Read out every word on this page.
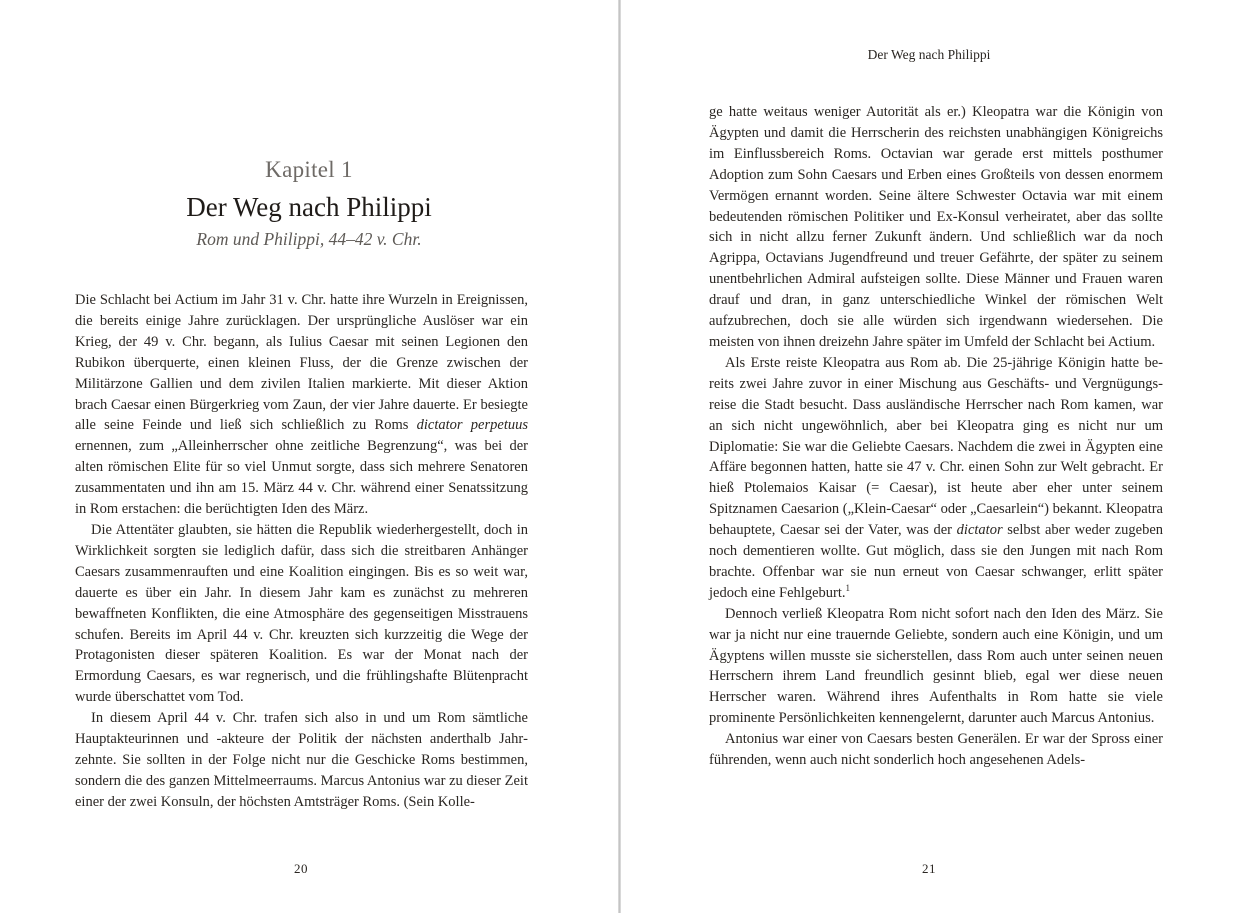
Kapitel 1
Der Weg nach Philippi
Rom und Philippi, 44–42 v. Chr.

Die Schlacht bei Actium im Jahr 31 v. Chr. hatte ihre Wurzeln in Ereignissen, die bereits einige Jahre zurücklagen. Der ursprüngliche Auslöser war ein Krieg, der 49 v. Chr. begann, als Iulius Caesar mit seinen Legionen den Rubikon überquerte, einen kleinen Fluss, der die Grenze zwischen der Militärzone Gallien und dem zivilen Italien markierte. Mit dieser Aktion brach Caesar einen Bürgerkrieg vom Zaun, der vier Jahre dauerte. Er besiegte alle seine Feinde und ließ sich schließlich zu Roms dictator perpetuus ernennen, zum „Alleinherrscher ohne zeitliche Begrenzung“, was bei der alten römischen Elite für so viel Unmut sorgte, dass sich mehrere Senatoren zusammentaten und ihn am 15. März 44 v. Chr. während einer Senatssitzung in Rom erstachen: die berüchtigten Iden des März.

Die Attentäter glaubten, sie hätten die Republik wiederhergestellt, doch in Wirklichkeit sorgten sie lediglich dafür, dass sich die streitbaren Anhänger Caesars zusammenrauften und eine Koalition eingingen. Bis es so weit war, dauerte es über ein Jahr. In diesem Jahr kam es zunächst zu mehreren bewaffneten Konflikten, die eine Atmosphäre des gegenseitigen Misstrauens schufen. Bereits im April 44 v. Chr. kreuzten sich kurzzeitig die Wege der Protagonisten dieser späteren Koalition. Es war der Monat nach der Ermordung Caesars, es war regnerisch, und die frühlingshafte Blütenpracht wurde überschattet vom Tod.

In diesem April 44 v. Chr. trafen sich also in und um Rom sämtliche Hauptakteurinnen und -akteure der Politik der nächsten anderthalb Jahrzehnte. Sie sollten in der Folge nicht nur die Geschicke Roms bestimmen, sondern die des ganzen Mittelmeerraums. Marcus Antonius war zu dieser Zeit einer der zwei Konsuln, der höchsten Amtsträger Roms. (Sein Kolle-

20
Der Weg nach Philippi

ge hatte weitaus weniger Autorität als er.) Kleopatra war die Königin von Ägypten und damit die Herrscherin des reichsten unabhängigen Königreichs im Einflussbereich Roms. Octavian war gerade erst mittels posthumer Adoption zum Sohn Caesars und Erben eines Großteils von dessen enormem Vermögen ernannt worden. Seine ältere Schwester Octavia war mit einem bedeutenden römischen Politiker und Ex-Konsul verheiratet, aber das sollte sich in nicht allzu ferner Zukunft ändern. Und schließlich war da noch Agrippa, Octavians Jugendfreund und treuer Gefährte, der später zu seinem unentbehrlichen Admiral aufsteigen sollte. Diese Männer und Frauen waren drauf und dran, in ganz unterschiedliche Winkel der römischen Welt aufzubrechen, doch sie alle würden sich irgendwann wiedersehen. Die meisten von ihnen dreizehn Jahre später im Umfeld der Schlacht bei Actium.

Als Erste reiste Kleopatra aus Rom ab. Die 25-jährige Königin hatte bereits zwei Jahre zuvor in einer Mischung aus Geschäfts- und Vergnügungsreise die Stadt besucht. Dass ausländische Herrscher nach Rom kamen, war an sich nicht ungewöhnlich, aber bei Kleopatra ging es nicht nur um Diplomatie: Sie war die Geliebte Caesars. Nachdem die zwei in Ägypten eine Affäre begonnen hatten, hatte sie 47 v. Chr. einen Sohn zur Welt gebracht. Er hieß Ptolemaios Kaisar (= Caesar), ist heute aber eher unter seinem Spitznamen Caesarion („Klein-Caesar“ oder „Caesarlein“) bekannt. Kleopatra behauptete, Caesar sei der Vater, was der dictator selbst aber weder zugeben noch dementieren wollte. Gut möglich, dass sie den Jungen mit nach Rom brachte. Offenbar war sie nun erneut von Caesar schwanger, erlitt später jedoch eine Fehlgeburt.$^1$

Dennoch verließ Kleopatra Rom nicht sofort nach den Iden des März. Sie war ja nicht nur eine trauernde Geliebte, sondern auch eine Königin, und um Ägyptens willen musste sie sicherstellen, dass Rom auch unter seinen neuen Herrschern ihrem Land freundlich gesinnt blieb, egal wer diese neuen Herrscher waren. Während ihres Aufenthalts in Rom hatte sie viele prominente Persönlichkeiten kennengelernt, darunter auch Marcus Antonius.

Antonius war einer von Caesars besten Generälen. Er war der Spross einer führenden, wenn auch nicht sonderlich hoch angesehenen Adels-

21
